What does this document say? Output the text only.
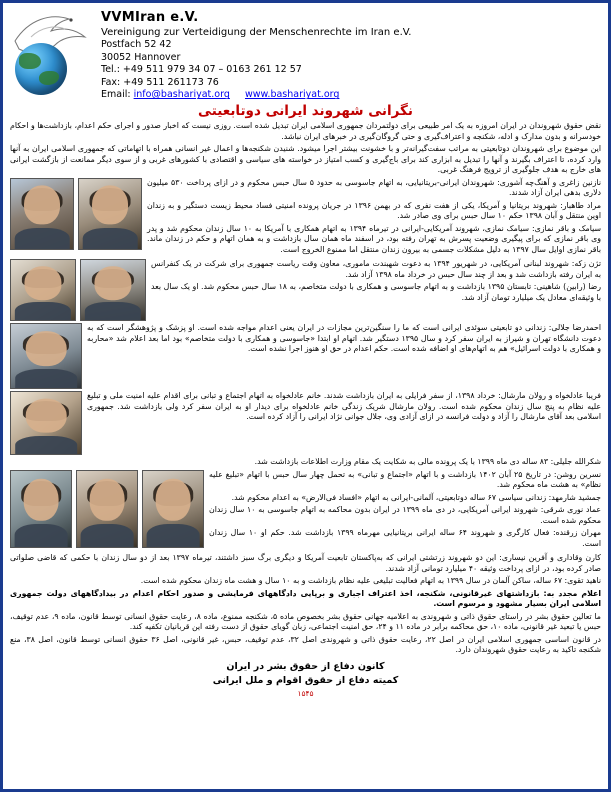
VVMIran e.V.
Vereinigung zur Verteidigung der Menschenrechte im Iran e.V.
Postfach 52 42
30052 Hannover
Tel.: +49 511 979 34 07 – 0163 261 12 57
Fax: +49 511 261173 76
Email: info@bashariyat.org www.bashariyat.org
نگرانی شهروند ایرانی دوتابعیتی

نقض حقوق شهروندان در ایران امروزه به یک امر طبیعی برای دولتمردان جمهوری اسلامی ایران تبدیل شده است. روزی نیست که اخبار صدور و اجرای حکم اعدام، بازداشت‌ها و احکام خودسرانه و بدون مدارک و ادله، شکنجه و اعتراف‌گیری و حتی گروگان‌گیری در خبرهای ایران نباشد.

این موضوع برای شهروندان دوتابعیتی به مراتب سفت‌گیرانه‌تر و با خشونت بیشتر اجرا میشود. شنیدن شکنجه‌ها و اعمال غیر انسانی همراه با اتهاماتی که جمهوری اسلامی ایران به آنها وارد کرده، تا اعتراف بگیرند و آنها را تبدیل به ابزاری کند برای باج‌گیری و کسب امتیاز در خواسته های سیاسی و اقتصادی با کشورهای غربی و از سوی دیگر ممانعت از بازگشت ایرانی های خارج به هدف جلوگیری از ترویج فرهنگ غربی.

نازنین زاغری و آهنگ‌چه آشوری: شهروندان ایرانی-بریتانیایی، به اتهام جاسوسی به حدود ۵ سال حبس محکوم و در ازای پرداخت ۵۳۰ میلیون دلاری بدهی ایران آزاد شدند.

مراد طاهبار: شهروند بریتانیا و آمریکا، یکی از هفت نفری که در بهمن ۱۳۹۶ در جریان پرونده امنیتی فساد محیط زیست دستگیر و به زندان اوین منتقل و آبان ۱۳۹۸ حکم ۱۰ سال حبس برای وی صادر شد.

سیامک و باقر نمازی: سیامک نمازی، شهروند آمریکایی-ایرانی در تیرماه ۱۳۹۴ به اتهام همکاری با آمریکا به ۱۰ سال زندان محکوم شد و پدر وی باقر نمازی که برای پیگیری وضعیت پسرش به تهران رفته بود، در اسفند ماه همان سال بازداشت و به همان اتهام و حکم در زندان ماند. باقر نمازی اوایل سال ۱۳۹۷ به دلیل مشکلات جسمی به بیرون زندان منتقل اما ممنوع الخروج است.

تژن زکه: شهروند لبنانی آمریکایی، در شهریور ۱۳۹۴ به دعوت شهبندت ماموری، معاون وقت ریاست جمهوری برای شرکت در یک کنفرانس به ایران رفته بازداشت شد و بعد از چند سال حبس در خرداد ماه ۱۳۹۸ آزاد شد.

رضا (رابین) شاهینی: تابستان ۱۳۹۵ بازداشت و به اتهام جاسوسی و همکاری با دولت متخاصم، به ۱۸ سال حبس محکوم شد. او یک سال بعد با وثیقه‌ای معادل یک میلیارد تومان آزاد شد.

احمدرضا جلالی: زندانی دو تابعیتی سوئدی ایرانی است که ما را سنگین‌ترین مجازات در ایران یعنی اعدام مواجه شده است. او پزشک و پژوهشگر است که به دعوت دانشگاه تهران و شیراز به ایران سفر کرد و سال ۱۳۹۵ دستگیر شد. اتهام او ابتدا «جاسوسی و همکاری با دولت متخاصم» بود اما بعد اعلام شد «محاربه و همکاری با دولت اسرائیل» هم به اتهام‌های او اضافه شده است. حکم اعدام در حق او هنوز اجرا نشده است.

فریبا عادلخواه و رولان مارشال: خرداد ۱۳۹۸، از سفر فرایلی به ایران بازداشت شدند. خانم عادلخواه به اتهام اجتماع و تبانی برای اقدام علیه امنیت ملی و تبلیغ علیه نظام به پنج سال زندان محکوم شده است. رولان مارشال شریک زندگی خانم عادلخواه برای دیدار او به ایران سفر کرد ولی بازداشت شد. جمهوری اسلامی بعد آقای مارشال را آزاد و دولت فرانسه در ازای آزادی وی، جلال جوانی نژاد ایرانی را آزاد کرده است.

شکرالله جلیلی: ۸۳ ساله دی ماه ۱۳۹۹ با یک پرونده مالی به شکایت یک مقام وزارت اطلاعات بازداشت شد.

نسرین روشن: در تاریخ ۲۵ آبان ۱۴۰۲ بازداشت و با اتهام «اجتماع و تبانی» به تحمل چهار سال حبس با اتهام «تبلیغ علیه نظام» به هشت ماه محکوم شد.

جمشید شارمهد: زندانی سیاسی ۶۷ ساله دوتابعیتی، آلمانی-ایرانی به اتهام «افساد فی‌الارض» به اعدام محکوم شد.

عماد نوری شرقی: شهروند ایرانی آمریکایی، در دی ماه ۱۳۹۹ در ایران بدون محاکمه به اتهام جاسوسی به ۱۰ سال زندان محکوم شده است.

مهران زرقنده: فعال کارگری و شهروند ۶۴ ساله ایرانی بریتانیایی مهرماه ۱۳۹۹ بازداشت شد. حکم او ۱۰ سال زندان است.

کارن وقاداری و آفرین نیساری: این دو شهروند زرتشتی ایرانی که به‌پاکستان تابعیت آمریکا و دیگری برگ سبز داشتند، تیرماه ۱۳۹۷ بعد از دو سال زندان با حکمی که قاضی صلواتی صادر کرده بود، در ازای پرداخت وثیقه ۴۰ میلیارد تومانی آزاد شدند.

ناهید تقوی: ۶۷ ساله، ساکن آلمان در سال ۱۳۹۹ به اتهام فعالیت تبلیغی علیه نظام بازداشت و به ۱۰ سال و هشت ماه زندان محکوم شده است.

اعلام مجدد به: بازداشتهای غیرقانونی، شکنجه، اخذ اعتراف اجباری و برپایی دادگاههای فرمایشی و صدور احکام اعدام در بیدادگاههای دولت جمهوری اسلامی ایران بسیار مشهود و مرسوم است.

ما تعالین حقوق بشر در راستای حقوق ذاتی و شهروندی به اعلامیه جهانی حقوق بشر بخصوص ماده ۵، شکنجه ممنوع، ماده ۸، رعایت حقوق انسانی توسط قانون، ماده ۹، عدم توقیف، حبس یا تبعید غیر قانونی، ماده ۱۰، حق محاکمه برابر در ماده ۱۱ و ۲۴، حق امنیت اجتماعی، زبان گویای حقوق از دست رفته این قربانیان تکفیه کند.

در قانون اساسی جمهوری اسلامی ایران در اصل ۲۲، رعایت حقوق ذاتی و شهروندی اصل ۳۲، عدم توقیف، حبس، غیر قانونی، اصل ۳۶ حقوق انسانی توسط قانون، اصل ۳۸، منع شکنجه تاکید به رعایت حقوق شهروندان دارد.

کانون دفاع از حقوق بشر در ایران
کمیته دفاع از حقوق اقوام و ملل ایرانی
۱۵۴۵
